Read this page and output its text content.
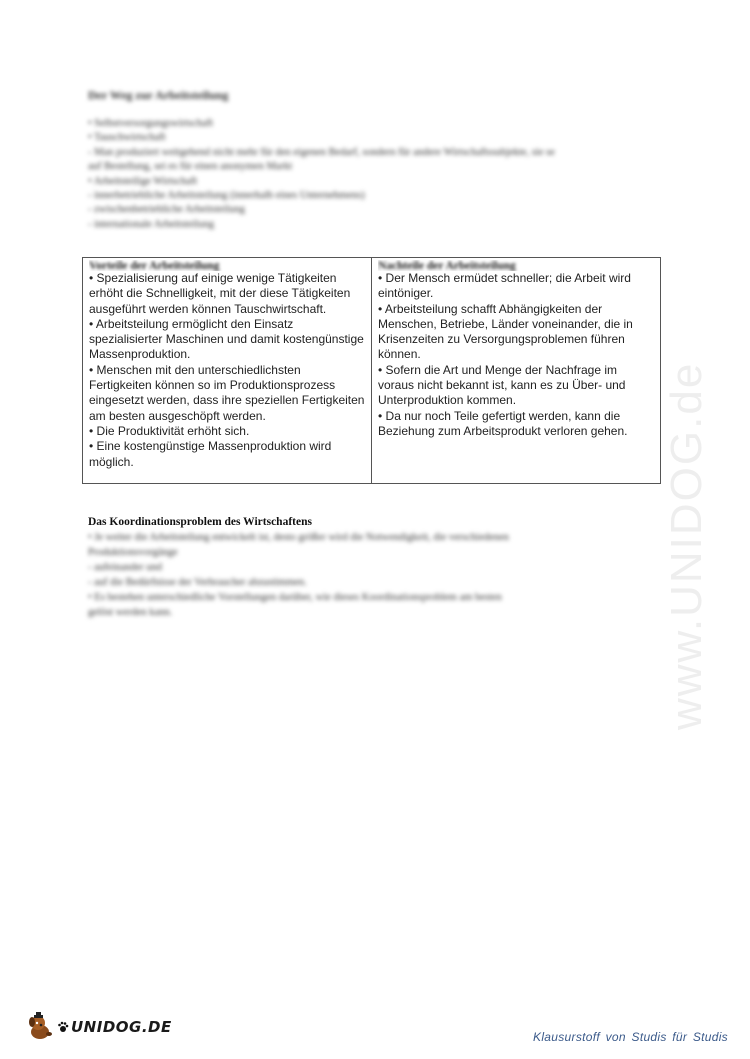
Der Weg zur Arbeitsteilung
• Selbstversorgungswirtschaft
• Tauschwirtschaft
- Man produziert weitgehend nicht mehr für den eigenen Bedarf, sondern für andere Wirtschaftssubjekte, sie se
auf Bestellung, sei es für einen anonymen Markt
• Arbeitsteilige Wirtschaft
- innerbetriebliche Arbeitsteilung (innerhalb eines Unternehmens)
- zwischenbetriebliche Arbeitsteilung
- internationale Arbeitsteilung
Vorteile der Arbeitsteilung
• Spezialisierung auf einige wenige Tätigkeiten erhöht die Schnelligkeit, mit der diese Tätigkeiten ausgeführt werden können Tauschwirtschaft.
• Arbeitsteilung ermöglicht den Einsatz spezialisierter Maschinen und damit kostengünstige Massenproduktion.
• Menschen mit den unterschiedlichsten Fertigkeiten können so im Produktionsprozess eingesetzt werden, dass ihre speziellen Fertigkeiten am besten ausgeschöpft werden.
• Die Produktivität erhöht sich.
• Eine kostengünstige Massenproduktion wird möglich.
Nachteile der Arbeitsteilung
• Der Mensch ermüdet schneller; die Arbeit wird eintöniger.
• Arbeitsteilung schafft Abhängigkeiten der Menschen, Betriebe, Länder voneinander, die in Krisenzeiten zu Versorgungsproblemen führen können.
• Sofern die Art und Menge der Nachfrage im voraus nicht bekannt ist, kann es zu Über- und Unterproduktion kommen.
• Da nur noch Teile gefertigt werden, kann die Beziehung zum Arbeitsprodukt verloren gehen.
Das Koordinationsproblem des Wirtschaftens
• Je weiter die Arbeitsteilung entwickelt ist, desto größer wird die Notwendigkeit, die verschiedenen
Produktionsvorgänge
- aufeinander und
- auf die Bedürfnisse der Verbraucher abzustimmen.
• Es bestehen unterschiedliche Vorstellungen darüber, wie dieses Koordinationsproblem am besten
gelöst werden kann.	www.UNIDOG.de
UNIDOG.DE
Klausurstoff von Studis für Studis
